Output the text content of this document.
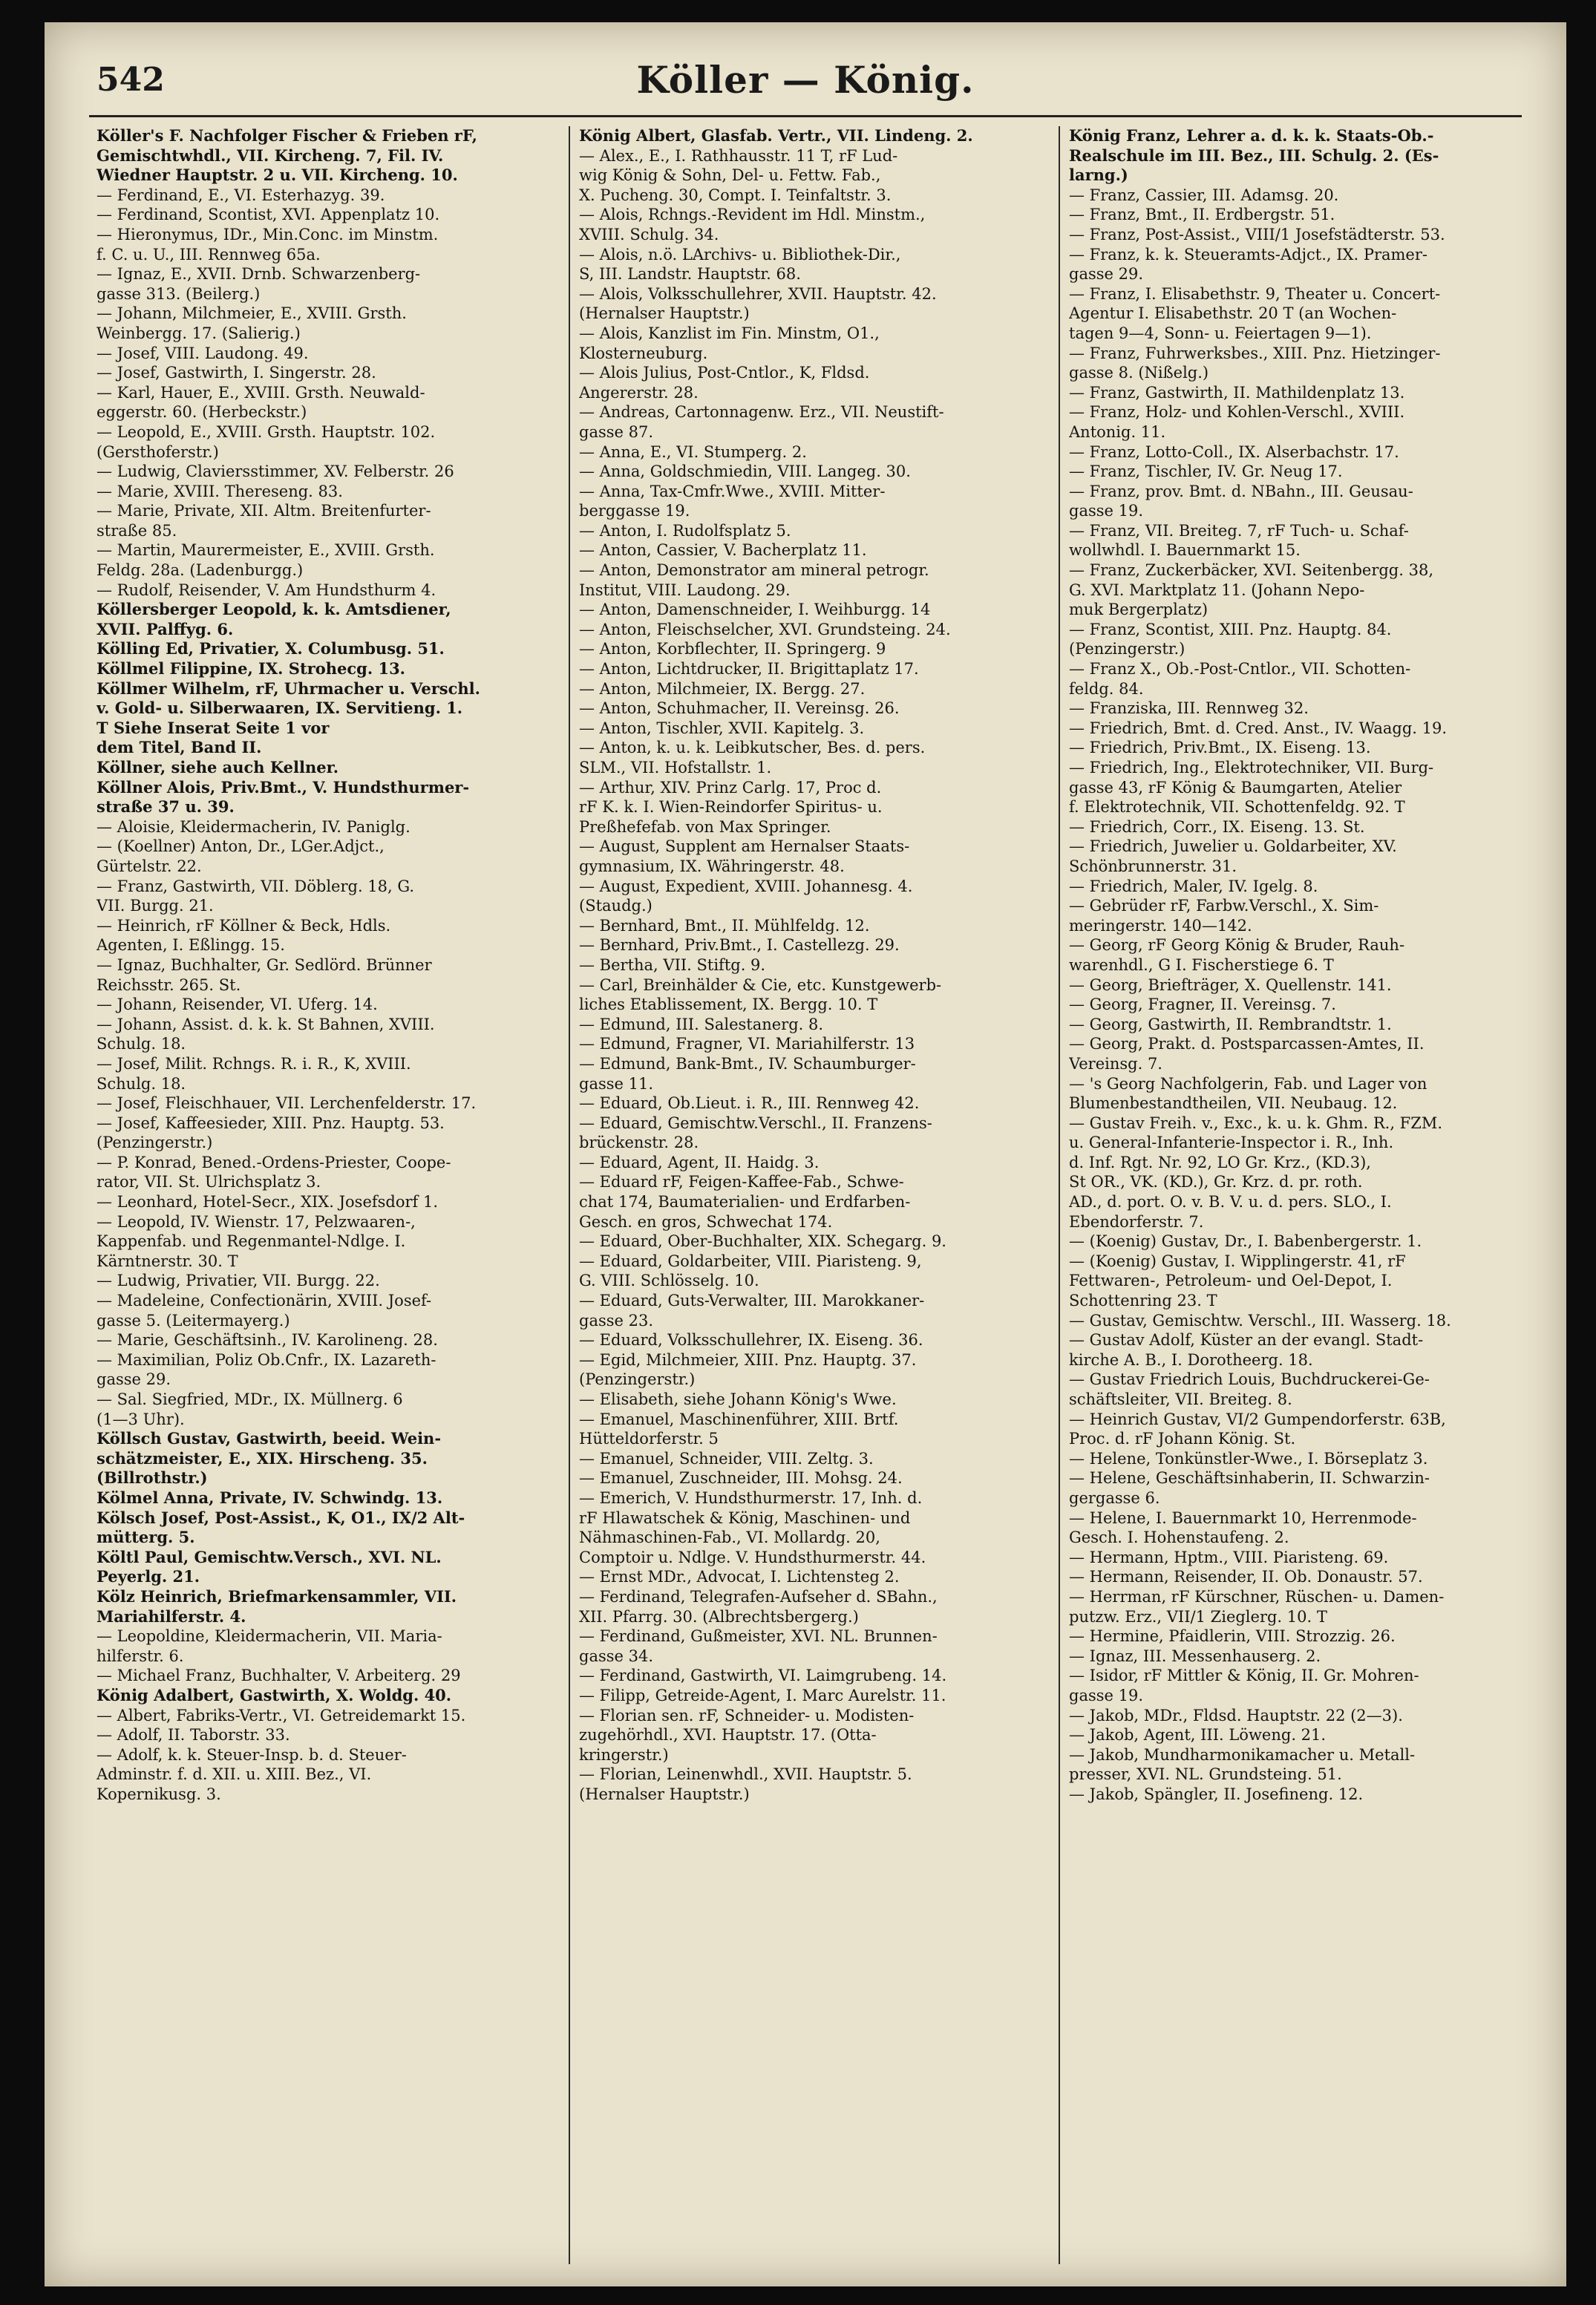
542	Köller — König.

Köller's F. Nachfolger Fischer & Frieben rF,
Gemischtwhdl., VII. Kircheng. 7, Fil. IV.
Wiedner Hauptstr. 2 u. VII. Kircheng. 10.

— Ferdinand, E., VI. Esterhazyg. 39.

— Ferdinand, Scontist, XVI. Appenplatz 10.

— Hieronymus, IDr., Min.Conc. im Minstm.
f. C. u. U., III. Rennweg 65a.

— Ignaz, E., XVII. Drnb. Schwarzenberg-
gasse 313. (Beilerg.)

— Johann, Milchmeier, E., XVIII. Grsth.
Weinbergg. 17. (Salierig.)

— Josef, VIII. Laudong. 49.

— Josef, Gastwirth, I. Singerstr. 28.

— Karl, Hauer, E., XVIII. Grsth. Neuwald-
eggerstr. 60. (Herbeckstr.)

— Leopold, E., XVIII. Grsth. Hauptstr. 102.
(Gersthoferstr.)

— Ludwig, Claviersstimmer, XV. Felberstr. 26

— Marie, XVIII. Thereseng. 83.

— Marie, Private, XII. Altm. Breitenfurter-
straße 85.

— Martin, Maurermeister, E., XVIII. Grsth.
Feldg. 28a. (Ladenburgg.)

— Rudolf, Reisender, V. Am Hundsthurm 4.

Köllersberger Leopold, k. k. Amtsdiener,
XVII. Palffyg. 6.

Kölling Ed, Privatier, X. Columbusg. 51.

Köllmel Filippine, IX. Strohecg. 13.

Köllmer Wilhelm, rF, Uhrmacher u. Verschl.
v. Gold- u. Silberwaaren, IX. Servitieng. 1.
T Siehe Inserat Seite 1 vor
dem Titel, Band II.

Köllner, siehe auch Kellner.

Köllner Alois, Priv.Bmt., V. Hundsthurmer-
straße 37 u. 39.

— Aloisie, Kleidermacherin, IV. Paniglg.

— (Koellner) Anton, Dr., LGer.Adjct.,
Gürtelstr. 22.

— Franz, Gastwirth, VII. Döblerg. 18, G.
VII. Burgg. 21.

— Heinrich, rF Köllner & Beck, Hdls.
Agenten, I. Eßlingg. 15.

— Ignaz, Buchhalter, Gr. Sedlörd. Brünner
Reichsstr. 265. St.

— Johann, Reisender, VI. Uferg. 14.

— Johann, Assist. d. k. k. St Bahnen, XVIII.
Schulg. 18.

— Josef, Milit. Rchngs. R. i. R., K, XVIII.
Schulg. 18.

— Josef, Fleischhauer, VII. Lerchenfelderstr. 17.

— Josef, Kaffeesieder, XIII. Pnz. Hauptg. 53.
(Penzingerstr.)

— P. Konrad, Bened.-Ordens-Priester, Coope-
rator, VII. St. Ulrichsplatz 3.

— Leonhard, Hotel-Secr., XIX. Josefsdorf 1.

— Leopold, IV. Wienstr. 17, Pelzwaaren-,
Kappenfab. und Regenmantel-Ndlge. I.
Kärntnerstr. 30. T

— Ludwig, Privatier, VII. Burgg. 22.

— Madeleine, Confectionärin, XVIII. Josef-
gasse 5. (Leitermayerg.)

— Marie, Geschäftsinh., IV. Karolineng. 28.

— Maximilian, Poliz Ob.Cnfr., IX. Lazareth-
gasse 29.

— Sal. Siegfried, MDr., IX. Müllnerg. 6
(1—3 Uhr).

Köllsch Gustav, Gastwirth, beeid. Wein-
schätzmeister, E., XIX. Hirscheng. 35.
(Billrothstr.)

Kölmel Anna, Private, IV. Schwindg. 13.

Kölsch Josef, Post-Assist., K, O1., IX/2 Alt-
mütterg. 5.

Költl Paul, Gemischtw.Versch., XVI. NL.
Peyerlg. 21.

Kölz Heinrich, Briefmarkensammler, VII.
Mariahilferstr. 4.

— Leopoldine, Kleidermacherin, VII. Maria-
hilferstr. 6.

— Michael Franz, Buchhalter, V. Arbeiterg. 29

König Adalbert, Gastwirth, X. Woldg. 40.

— Albert, Fabriks-Vertr., VI. Getreidemarkt 15.

— Adolf, II. Taborstr. 33.

— Adolf, k. k. Steuer-Insp. b. d. Steuer-
Adminstr. f. d. XII. u. XIII. Bez., VI.
Kopernikusg. 3.

König Albert, Glasfab. Vertr., VII. Lindeng. 2.

— Alex., E., I. Rathhausstr. 11 T, rF Lud-
wig König & Sohn, Del- u. Fettw. Fab.,
X. Pucheng. 30, Compt. I. Teinfaltstr. 3.

— Alois, Rchngs.-Revident im Hdl. Minstm.,
XVIII. Schulg. 34.

— Alois, n.ö. LArchivs- u. Bibliothek-Dir.,
S, III. Landstr. Hauptstr. 68.

— Alois, Volksschullehrer, XVII. Hauptstr. 42.
(Hernalser Hauptstr.)

— Alois, Kanzlist im Fin. Minstm, O1.,
Klosterneuburg.

— Alois Julius, Post-Cntlor., K, Fldsd.
Angererstr. 28.

— Andreas, Cartonnagenw. Erz., VII. Neustift-
gasse 87.

— Anna, E., VI. Stumperg. 2.

— Anna, Goldschmiedin, VIII. Langeg. 30.

— Anna, Tax-Cmfr.Wwe., XVIII. Mitter-
berggasse 19.

— Anton, I. Rudolfsplatz 5.

— Anton, Cassier, V. Bacherplatz 11.

— Anton, Demonstrator am mineral petrogr.
Institut, VIII. Laudong. 29.

— Anton, Damenschneider, I. Weihburgg. 14

— Anton, Fleischselcher, XVI. Grundsteing. 24.

— Anton, Korbflechter, II. Springerg. 9

— Anton, Lichtdrucker, II. Brigittaplatz 17.

— Anton, Milchmeier, IX. Bergg. 27.

— Anton, Schuhmacher, II. Vereinsg. 26.

— Anton, Tischler, XVII. Kapitelg. 3.

— Anton, k. u. k. Leibkutscher, Bes. d. pers.
SLM., VII. Hofstallstr. 1.

— Arthur, XIV. Prinz Carlg. 17, Proc d.
rF K. k. I. Wien-Reindorfer Spiritus- u.
Preßhefefab. von Max Springer.

— August, Supplent am Hernalser Staats-
gymnasium, IX. Währingerstr. 48.

— August, Expedient, XVIII. Johannesg. 4.
(Staudg.)

— Bernhard, Bmt., II. Mühlfeldg. 12.

— Bernhard, Priv.Bmt., I. Castellezg. 29.

— Bertha, VII. Stiftg. 9.

— Carl, Breinhälder & Cie, etc. Kunstgewerb-
liches Etablissement, IX. Bergg. 10. T

— Edmund, III. Salestanerg. 8.

— Edmund, Fragner, VI. Mariahilferstr. 13

— Edmund, Bank-Bmt., IV. Schaumburger-
gasse 11.

— Eduard, Ob.Lieut. i. R., III. Rennweg 42.

— Eduard, Gemischtw.Verschl., II. Franzens-
brückenstr. 28.

— Eduard, Agent, II. Haidg. 3.

— Eduard rF, Feigen-Kaffee-Fab., Schwe-
chat 174, Baumaterialien- und Erdfarben-
Gesch. en gros, Schwechat 174.

— Eduard, Ober-Buchhalter, XIX. Schegarg. 9.

— Eduard, Goldarbeiter, VIII. Piaristeng. 9,
G. VIII. Schlösselg. 10.

— Eduard, Guts-Verwalter, III. Marokkaner-
gasse 23.

— Eduard, Volksschullehrer, IX. Eiseng. 36.

— Egid, Milchmeier, XIII. Pnz. Hauptg. 37.
(Penzingerstr.)

— Elisabeth, siehe Johann König's Wwe.

— Emanuel, Maschinenführer, XIII. Brtf.
Hütteldorferstr. 5

— Emanuel, Schneider, VIII. Zeltg. 3.

— Emanuel, Zuschneider, III. Mohsg. 24.

— Emerich, V. Hundsthurmerstr. 17, Inh. d.
rF Hlawatschek & König, Maschinen- und
Nähmaschinen-Fab., VI. Mollardg. 20,
Comptoir u. Ndlge. V. Hundsthurmerstr. 44.

— Ernst MDr., Advocat, I. Lichtensteg 2.

— Ferdinand, Telegrafen-Aufseher d. SBahn.,
XII. Pfarrg. 30. (Albrechtsbergerg.)

— Ferdinand, Gußmeister, XVI. NL. Brunnen-
gasse 34.

— Ferdinand, Gastwirth, VI. Laimgrubeng. 14.

— Filipp, Getreide-Agent, I. Marc Aurelstr. 11.

— Florian sen. rF, Schneider- u. Modisten-
zugehörhdl., XVI. Hauptstr. 17. (Otta-
kringerstr.)

— Florian, Leinenwhdl., XVII. Hauptstr. 5.
(Hernalser Hauptstr.)

König Franz, Lehrer a. d. k. k. Staats-Ob.-
Realschule im III. Bez., III. Schulg. 2. (Es-
larng.)

— Franz, Cassier, III. Adamsg. 20.

— Franz, Bmt., II. Erdbergstr. 51.

— Franz, Post-Assist., VIII/1 Josefstädterstr. 53.

— Franz, k. k. Steueramts-Adjct., IX. Pramer-
gasse 29.

— Franz, I. Elisabethstr. 9, Theater u. Concert-
Agentur I. Elisabethstr. 20 T (an Wochen-
tagen 9—4, Sonn- u. Feiertagen 9—1).

— Franz, Fuhrwerksbes., XIII. Pnz. Hietzinger-
gasse 8. (Nißelg.)

— Franz, Gastwirth, II. Mathildenplatz 13.

— Franz, Holz- und Kohlen-Verschl., XVIII.
Antonig. 11.

— Franz, Lotto-Coll., IX. Alserbachstr. 17.

— Franz, Tischler, IV. Gr. Neug 17.

— Franz, prov. Bmt. d. NBahn., III. Geusau-
gasse 19.

— Franz, VII. Breiteg. 7, rF Tuch- u. Schaf-
wollwhdl. I. Bauernmarkt 15.

— Franz, Zuckerbäcker, XVI. Seitenbergg. 38,
G. XVI. Marktplatz 11. (Johann Nepo-
muk Bergerplatz)

— Franz, Scontist, XIII. Pnz. Hauptg. 84.
(Penzingerstr.)

— Franz X., Ob.-Post-Cntlor., VII. Schotten-
feldg. 84.

— Franziska, III. Rennweg 32.

— Friedrich, Bmt. d. Cred. Anst., IV. Waagg. 19.

— Friedrich, Priv.Bmt., IX. Eiseng. 13.

— Friedrich, Ing., Elektrotechniker, VII. Burg-
gasse 43, rF König & Baumgarten, Atelier
f. Elektrotechnik, VII. Schottenfeldg. 92. T

— Friedrich, Corr., IX. Eiseng. 13. St.

— Friedrich, Juwelier u. Goldarbeiter, XV.
Schönbrunnerstr. 31.

— Friedrich, Maler, IV. Igelg. 8.

— Gebrüder rF, Farbw.Verschl., X. Sim-
meringerstr. 140—142.

— Georg, rF Georg König & Bruder, Rauh-
warenhdl., G I. Fischerstiege 6. T

— Georg, Briefträger, X. Quellenstr. 141.

— Georg, Fragner, II. Vereinsg. 7.

— Georg, Gastwirth, II. Rembrandtstr. 1.

— Georg, Prakt. d. Postsparcassen-Amtes, II.
Vereinsg. 7.

— 's Georg Nachfolgerin, Fab. und Lager von
Blumenbestandtheilen, VII. Neubaug. 12.

— Gustav Freih. v., Exc., k. u. k. Ghm. R., FZM.
u. General-Infanterie-Inspector i. R., Inh.
d. Inf. Rgt. Nr. 92, LO Gr. Krz., (KD.3),
St OR., VK. (KD.), Gr. Krz. d. pr. roth.
AD., d. port. O. v. B. V. u. d. pers. SLO., I.
Ebendorferstr. 7.

— (Koenig) Gustav, Dr., I. Babenbergerstr. 1.

— (Koenig) Gustav, I. Wipplingerstr. 41, rF
Fettwaren-, Petroleum- und Oel-Depot, I.
Schottenring 23. T

— Gustav, Gemischtw. Verschl., III. Wasserg. 18.

— Gustav Adolf, Küster an der evangl. Stadt-
kirche A. B., I. Dorotheerg. 18.

— Gustav Friedrich Louis, Buchdruckerei-Ge-
schäftsleiter, VII. Breiteg. 8.

— Heinrich Gustav, VI/2 Gumpendorferstr. 63B,
Proc. d. rF Johann König. St.

— Helene, Tonkünstler-Wwe., I. Börseplatz 3.

— Helene, Geschäftsinhaberin, II. Schwarzin-
gergasse 6.

— Helene, I. Bauernmarkt 10, Herrenmode-
Gesch. I. Hohenstaufeng. 2.

— Hermann, Hptm., VIII. Piaristeng. 69.

— Hermann, Reisender, II. Ob. Donaustr. 57.

— Herrman, rF Kürschner, Rüschen- u. Damen-
putzw. Erz., VII/1 Zieglerg. 10. T

— Hermine, Pfaidlerin, VIII. Strozzig. 26.

— Ignaz, III. Messenhauserg. 2.

— Isidor, rF Mittler & König, II. Gr. Mohren-
gasse 19.

— Jakob, MDr., Fldsd. Hauptstr. 22 (2—3).

— Jakob, Agent, III. Löweng. 21.

— Jakob, Mundharmonikamacher u. Metall-
presser, XVI. NL. Grundsteing. 51.

— Jakob, Spängler, II. Josefineng. 12.
